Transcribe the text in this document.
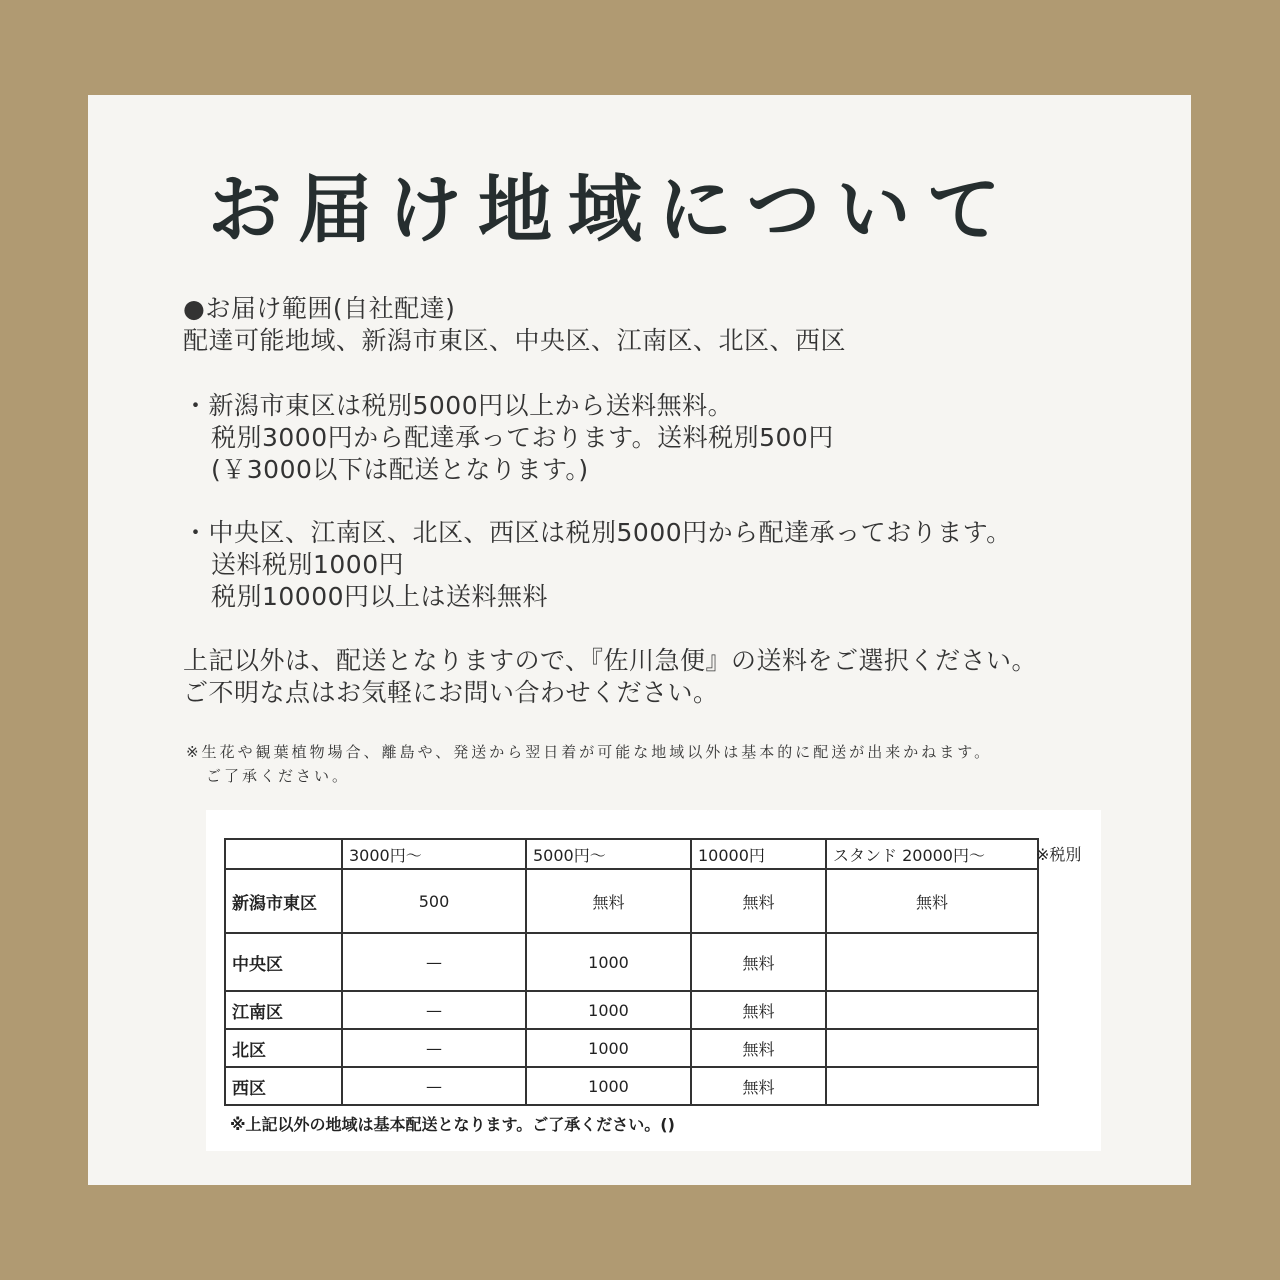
お届け地域について
●お届け範囲(自社配達)
配達可能地域、新潟市東区、中央区、江南区、北区、西区
・新潟市東区は税別5000円以上から送料無料。
税別3000円から配達承っております。送料税別500円
(￥3000以下は配送となります。)
・中央区、江南区、北区、西区は税別5000円から配達承っております。
送料税別1000円
税別10000円以上は送料無料
上記以外は、配送となりますので、『佐川急便』の送料をご選択ください。
ご不明な点はお気軽にお問い合わせください。
※生花や観葉植物場合、離島や、発送から翌日着が可能な地域以外は基本的に配送が出来かねます。
ご了承ください。
	3000円～	5000円～	10000円	スタンド 20000円～
新潟市東区	500	無料	無料	無料
中央区	—	1000	無料	
江南区	—	1000	無料	
北区	—	1000	無料	
西区	—	1000	無料	
※税別
※上記以外の地域は基本配送となります。ご了承ください。()
